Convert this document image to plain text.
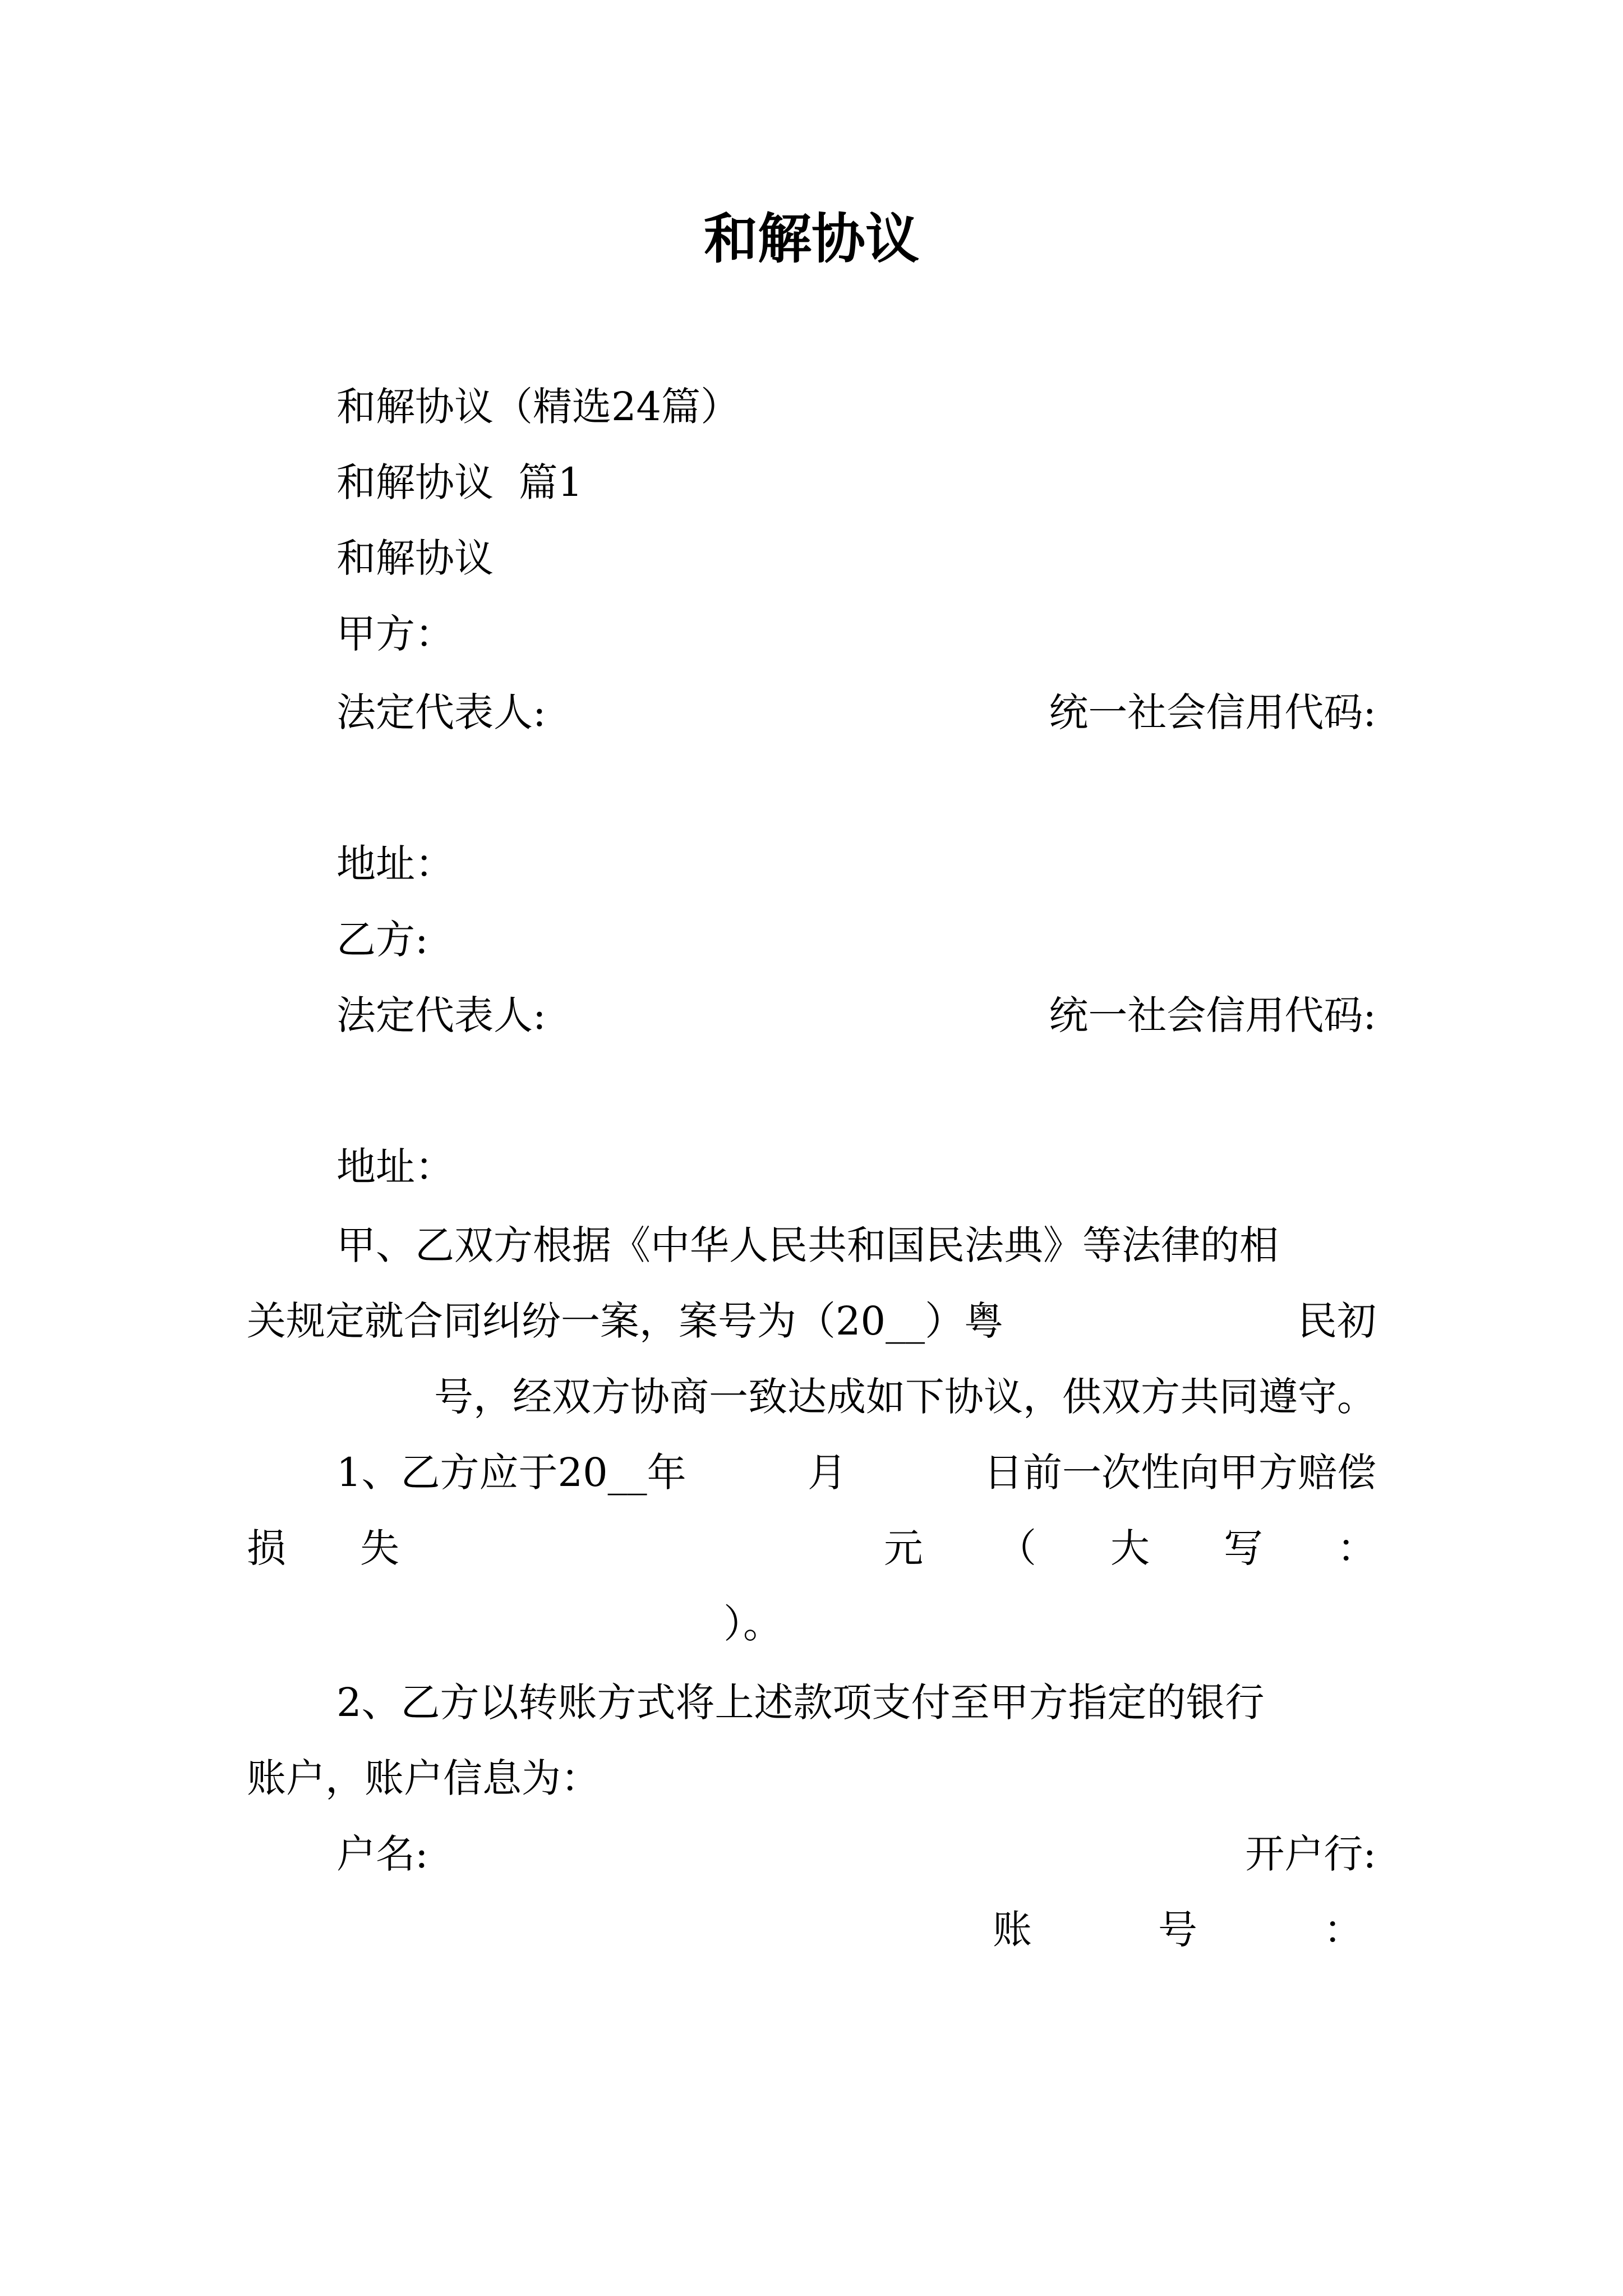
和解协议
和解协议（精选24篇）
和解协议  篇1
和解协议
甲方：
法定代表人:	统一社会信用代码:
地址：
乙方:
法定代表人:	统一社会信用代码:
地址：
甲、乙双方根据《中华人民共和国民法典》等法律的相
关规定就合同纠纷一案，案号为（20__）粤	民初
号，经双方协商一致达成如下协议，供双方共同遵守。
1、乙方应于20__年	月	日前一次性向甲方赔偿
损 失	元 （ 大 写 ：
）。
2、乙方以转账方式将上述款项支付至甲方指定的银行
账户，账户信息为：
户名:	开户行:
账	号	：
